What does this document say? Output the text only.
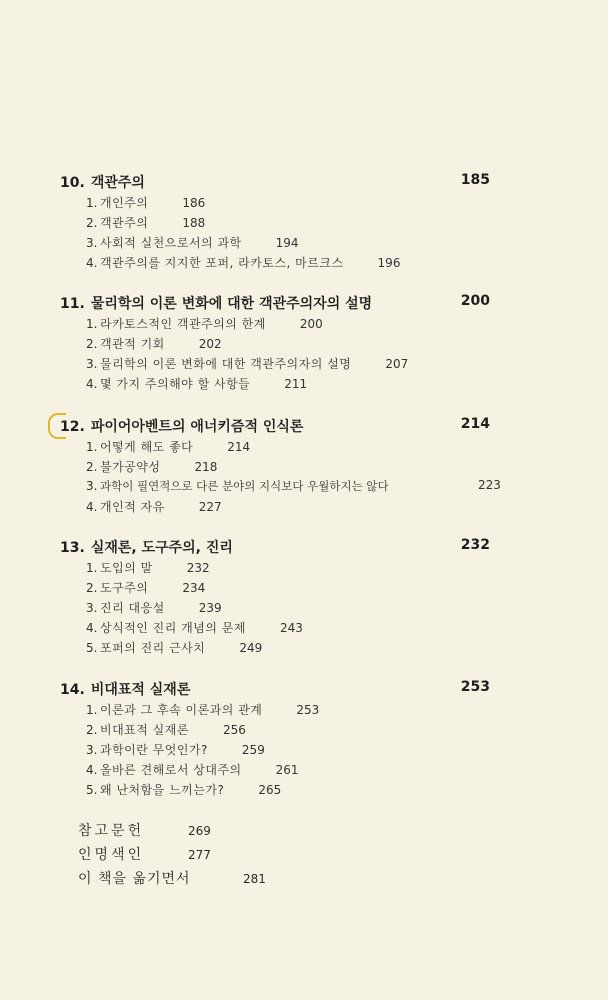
10. 객관주의	185
1. 개인주의	186
2. 객관주의	188
3. 사회적 실천으로서의 과학	194
4. 객관주의를 지지한 포퍼, 라카토스, 마르크스	196
11. 물리학의 이론 변화에 대한 객관주의자의 설명	200
1. 라카토스적인 객관주의의 한계	200
2. 객관적 기회	202
3. 물리학의 이론 변화에 대한 객관주의자의 설명	207
4. 몇 가지 주의해야 할 사항들	211
12. 파이어아벤트의 애너키즘적 인식론	214
1. 어떻게 해도 좋다	214
2. 불가공약성	218
3. 과학이 필연적으로 다른 분야의 지식보다 우월하지는 않다	223
4. 개인적 자유	227
13. 실재론, 도구주의, 진리	232
1. 도입의 말	232
2. 도구주의	234
3. 진리 대응설	239
4. 상식적인 진리 개념의 문제	243
5. 포퍼의 진리 근사치	249
14. 비대표적 실재론	253
1. 이론과 그 후속 이론과의 관계	253
2. 비대표적 실재론	256
3. 과학이란 무엇인가?	259
4. 올바른 견해로서 상대주의	261
5. 왜 난처함을 느끼는가?	265
참고문헌	269
인명색인	277
이 책을 옮기면서	281
